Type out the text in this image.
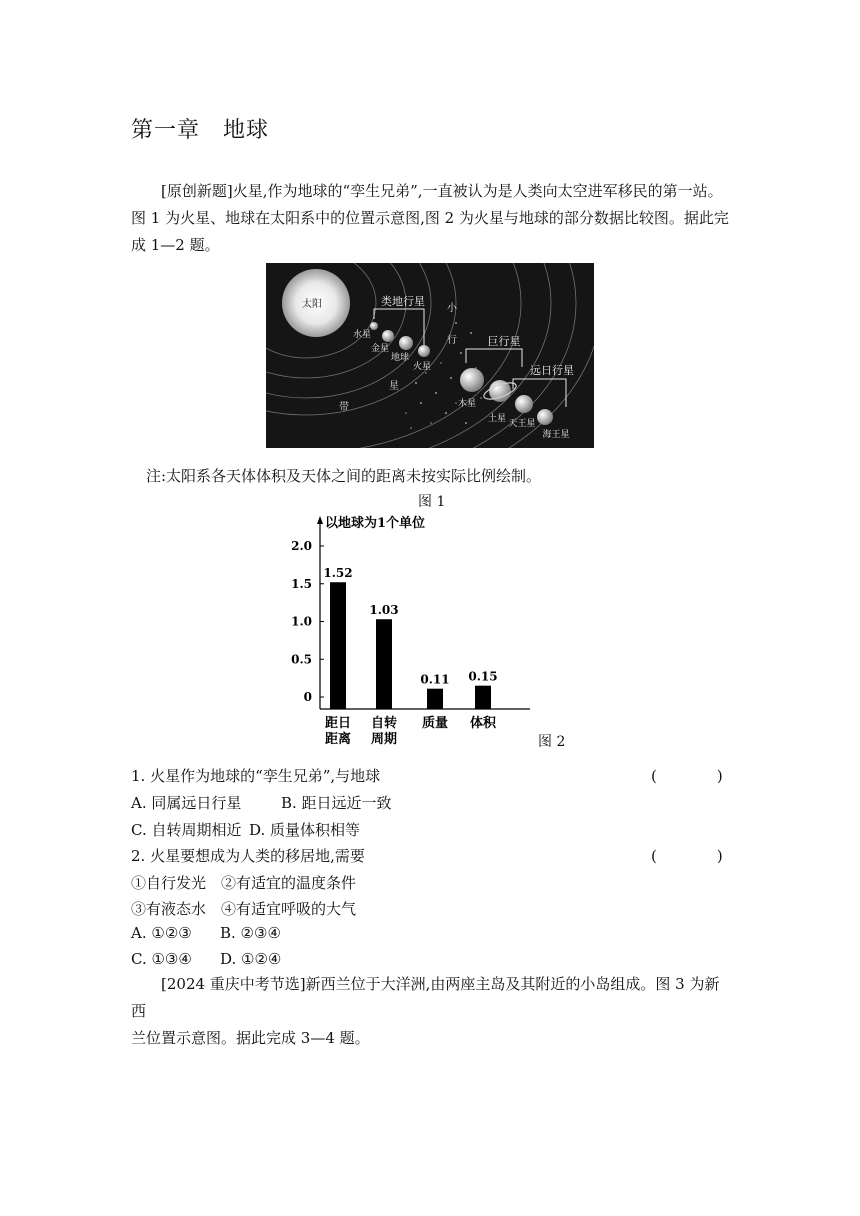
第一章　地球

[原创新题]火星,作为地球的“孪生兄弟”,一直被认为是人类向太空进军移民的第一站。

图 1 为火星、地球在太阳系中的位置示意图,图 2 为火星与地球的部分数据比较图。据此完

成 1—2 题。

太阳
水星
金星
地球
火星
木星
土星 天王星
海王星
类地行星
巨行星
远日行星
小
行
星
带
注:太阳系各天体体积及天体之间的距离未按实际比例绘制。
图 1
以地球为1个单位
0
0.5
1.0
1.5
2.0
1.52
距日
距离
1.03
自转
周期
0.11
质量
0.15
体积
图 2
1. 火星作为地球的“孪生兄弟”,与地球	(　　　　)
A. 同属远日行星	B. 距日远近一致
C. 自转周期相近 D. 质量体积相等
2. 火星要想成为人类的移居地,需要	(　　　　)
①自行发光　②有适宜的温度条件
③有液态水　④有适宜呼吸的大气
A. ①②③ B. ②③④
C. ①③④ D. ①②④

[2024 重庆中考节选]新西兰位于大洋洲,由两座主岛及其附近的小岛组成。图 3 为新西

兰位置示意图。据此完成 3—4 题。
